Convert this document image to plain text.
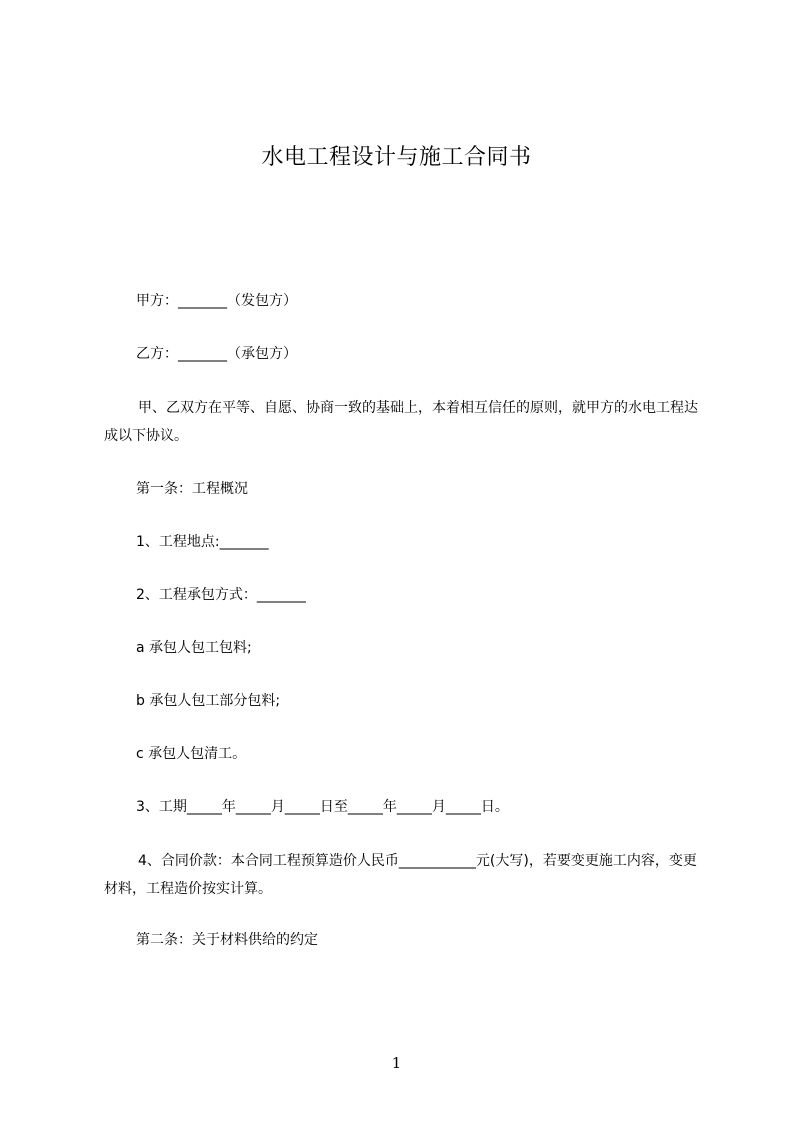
水电工程设计与施工合同书
甲方：_______（发包方）
乙方：_______（承包方）
甲、乙双方在平等、自愿、协商一致的基础上，本着相互信任的原则，就甲方的水电工程达成以下协议。
第一条：工程概况
1、工程地点:_______
2、工程承包方式：_______
a 承包人包工包料;
b 承包人包工部分包料;
c 承包人包清工。
3、工期_____年_____月_____日至_____年_____月_____日。
4、合同价款：本合同工程预算造价人民币___________元(大写)，若要变更施工内容，变更材料，工程造价按实计算。
第二条：关于材料供给的约定
1
